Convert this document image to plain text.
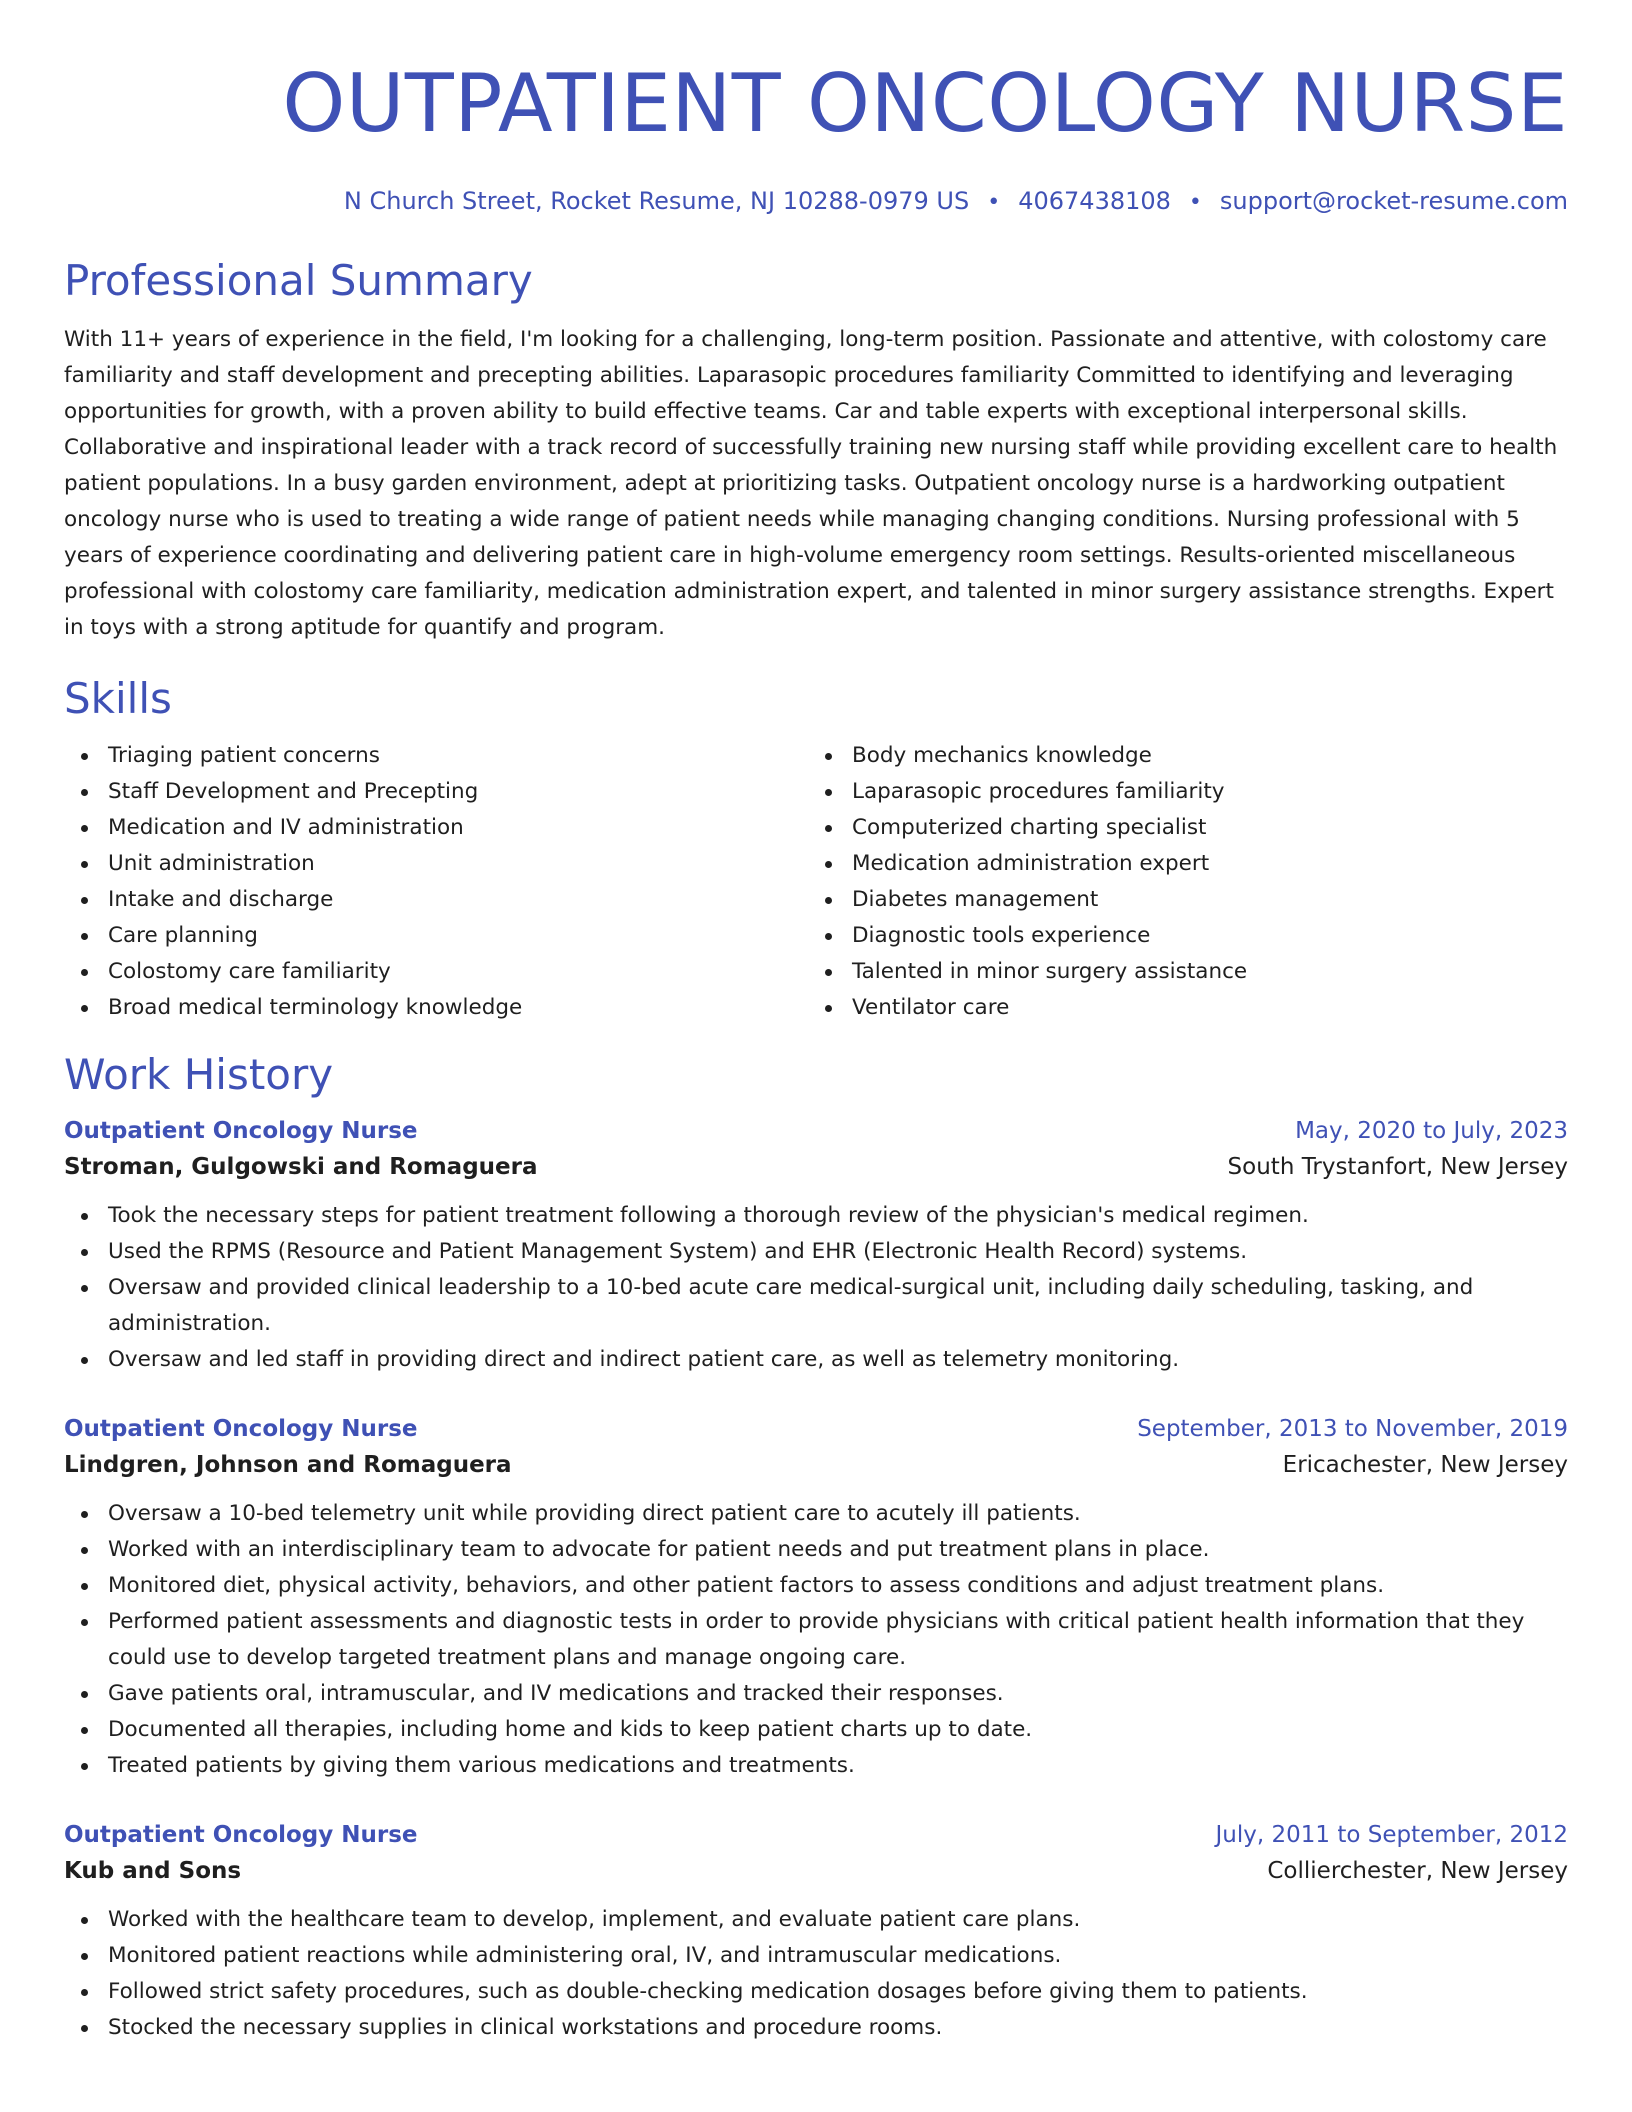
OUTPATIENT ONCOLOGY NURSE
N Church Street, Rocket Resume, NJ 10288-0979 US • 4067438108 • support@rocket-resume.com
Professional Summary

With 11+ years of experience in the field, I'm looking for a challenging, long-term position. Passionate and attentive, with colostomy care familiarity and staff development and precepting abilities. Laparasopic procedures familiarity Committed to identifying and leveraging opportunities for growth, with a proven ability to build effective teams. Car and table experts with exceptional interpersonal skills. Collaborative and inspirational leader with a track record of successfully training new nursing staff while providing excellent care to health patient populations. In a busy garden environment, adept at prioritizing tasks. Outpatient oncology nurse is a hardworking outpatient oncology nurse who is used to treating a wide range of patient needs while managing changing conditions. Nursing professional with 5 years of experience coordinating and delivering patient care in high-volume emergency room settings. Results-oriented miscellaneous professional with colostomy care familiarity, medication administration expert, and talented in minor surgery assistance strengths. Expert in toys with a strong aptitude for quantify and program.

Skills
Triaging patient concerns
Staff Development and Precepting
Medication and IV administration
Unit administration
Intake and discharge
Care planning
Colostomy care familiarity
Broad medical terminology knowledge
Body mechanics knowledge
Laparasopic procedures familiarity
Computerized charting specialist
Medication administration expert
Diabetes management
Diagnostic tools experience
Talented in minor surgery assistance
Ventilator care
Work History
Outpatient Oncology Nurse	May, 2020 to July, 2023
Stroman, Gulgowski and Romaguera	South Trystanfort, New Jersey
Took the necessary steps for patient treatment following a thorough review of the physician's medical regimen.
Used the RPMS (Resource and Patient Management System) and EHR (Electronic Health Record) systems.
Oversaw and provided clinical leadership to a 10-bed acute care medical-surgical unit, including daily scheduling, tasking, and administration.
Oversaw and led staff in providing direct and indirect patient care, as well as telemetry monitoring.
Outpatient Oncology Nurse	September, 2013 to November, 2019
Lindgren, Johnson and Romaguera	Ericachester, New Jersey
Oversaw a 10-bed telemetry unit while providing direct patient care to acutely ill patients.
Worked with an interdisciplinary team to advocate for patient needs and put treatment plans in place.
Monitored diet, physical activity, behaviors, and other patient factors to assess conditions and adjust treatment plans.
Performed patient assessments and diagnostic tests in order to provide physicians with critical patient health information that they could use to develop targeted treatment plans and manage ongoing care.
Gave patients oral, intramuscular, and IV medications and tracked their responses.
Documented all therapies, including home and kids to keep patient charts up to date.
Treated patients by giving them various medications and treatments.
Outpatient Oncology Nurse	July, 2011 to September, 2012
Kub and Sons	Collierchester, New Jersey
Worked with the healthcare team to develop, implement, and evaluate patient care plans.
Monitored patient reactions while administering oral, IV, and intramuscular medications.
Followed strict safety procedures, such as double-checking medication dosages before giving them to patients.
Stocked the necessary supplies in clinical workstations and procedure rooms.
